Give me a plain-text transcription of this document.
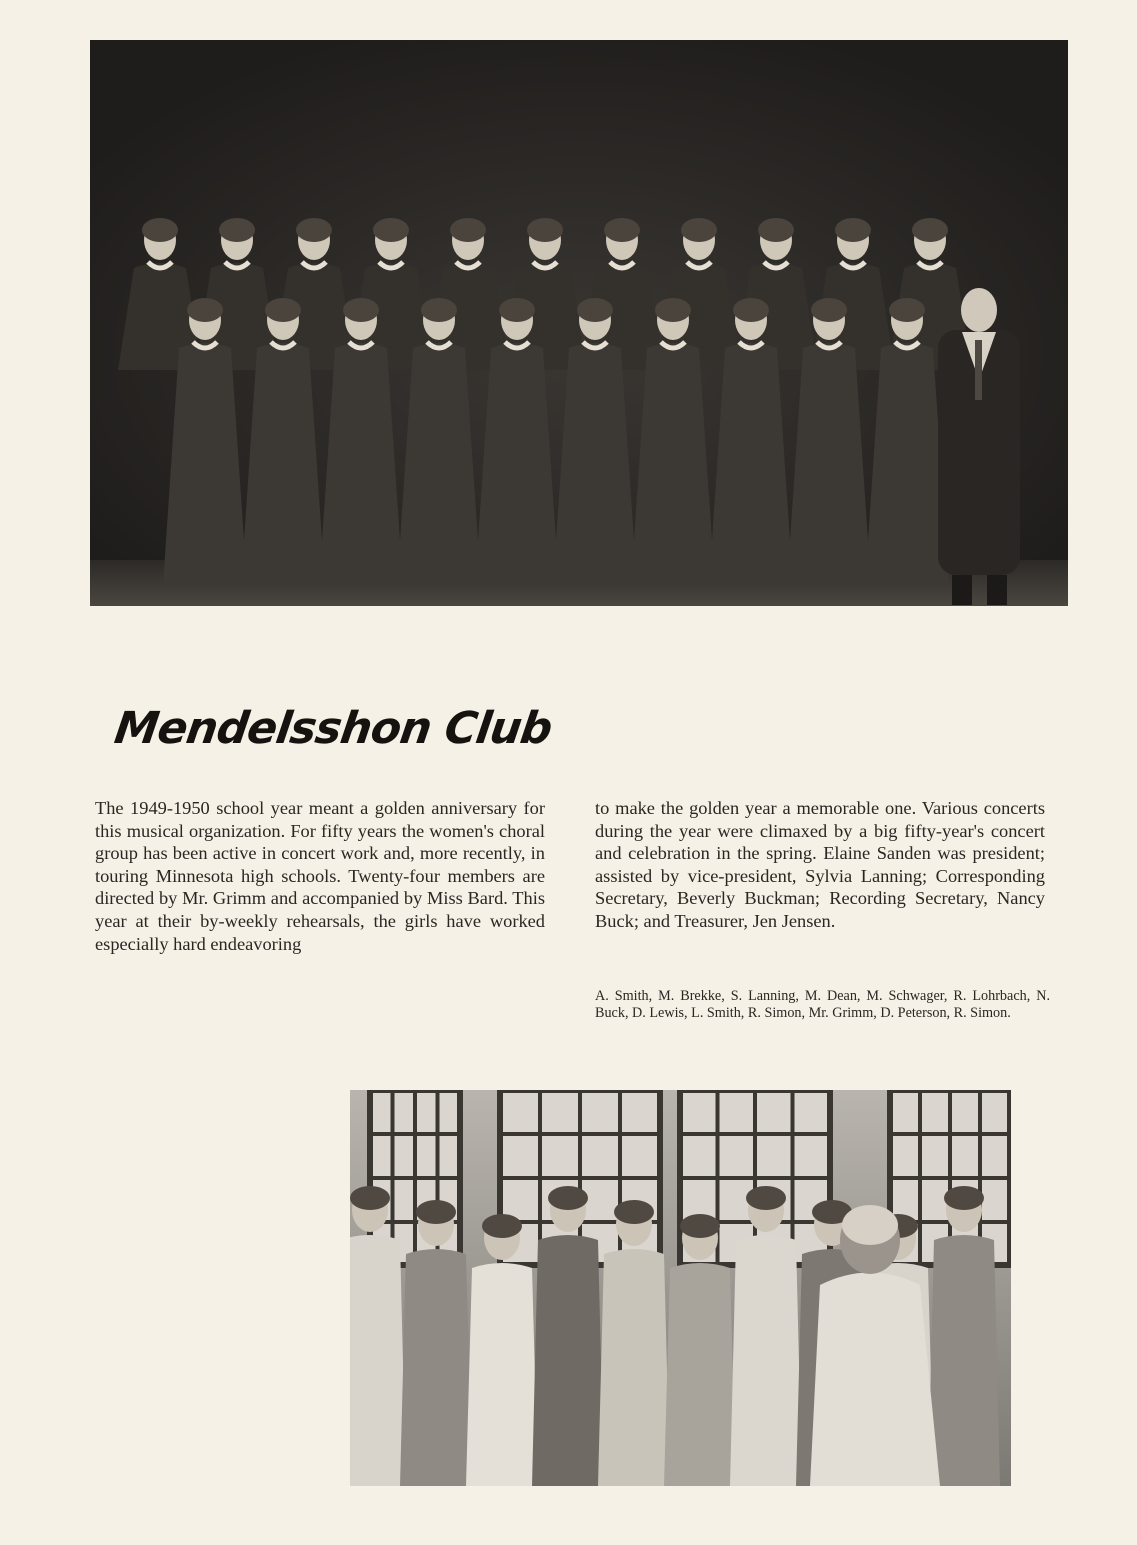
Mendelsshon Club
The 1949-1950 school year meant a golden anniversary for this musical organization. For fifty years the women's choral group has been active in concert work and, more recently, in touring Minnesota high schools. Twenty-four members are directed by Mr. Grimm and accompanied by Miss Bard. This year at their by-weekly rehearsals, the girls have worked especially hard endeavoring
to make the golden year a memorable one. Various concerts during the year were climaxed by a big fifty-year's concert and celebration in the spring. Elaine Sanden was president; assisted by vice-president, Sylvia Lanning; Corresponding Secretary, Beverly Buckman; Recording Secretary, Nancy Buck; and Treasurer, Jen Jensen.
A. Smith, M. Brekke, S. Lanning, M. Dean, M. Schwager, R. Lohrbach, N. Buck, D. Lewis, L. Smith, R. Simon, Mr. Grimm, D. Peterson, R. Simon.
